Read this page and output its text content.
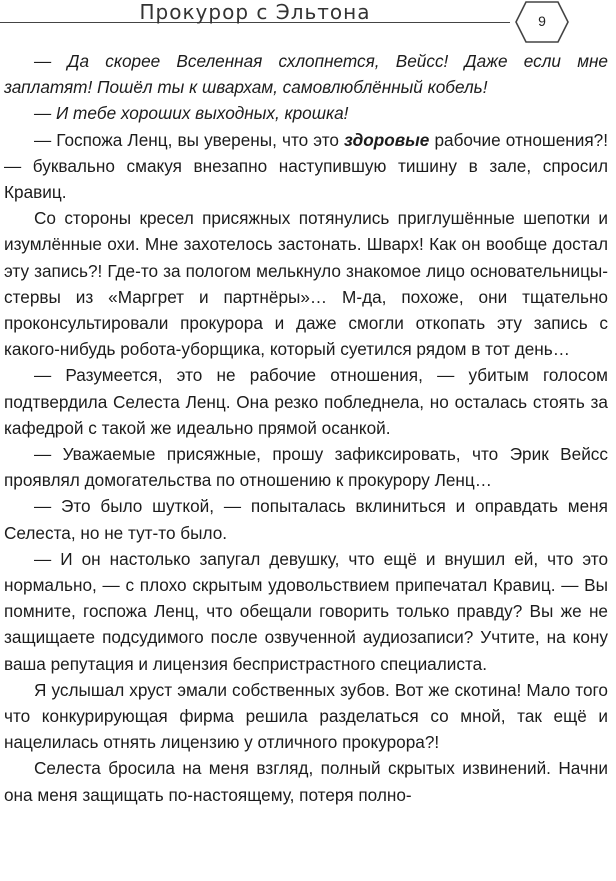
Прокурор с Эльтона	9

— Да скорее Вселенная схлопнется, Вейсс! Даже если мне заплатят! Пошёл ты к швархам, самовлюблённый кобель!

— И тебе хороших выходных, крошка!

— Госпожа Ленц, вы уверены, что это здоровые рабочие отношения?! — буквально смакуя внезапно наступившую тишину в зале, спросил Кравиц.

Со стороны кресел присяжных потянулись приглушённые шепотки и изумлённые охи. Мне захотелось застонать. Шварх! Как он вообще достал эту запись?! Где-то за пологом мелькнуло знакомое лицо основательницы-стервы из «Маргрет и партнёры»… М-да, похоже, они тщательно проконсультировали прокурора и даже смогли откопать эту запись с какого-нибудь робота-уборщика, который суетился рядом в тот день…

— Разумеется, это не рабочие отношения, — убитым голосом подтвердила Селеста Ленц. Она резко побледнела, но осталась стоять за кафедрой с такой же идеально прямой осанкой.

— Уважаемые присяжные, прошу зафиксировать, что Эрик Вейсс проявлял домогательства по отношению к прокурору Ленц…

— Это было шуткой, — попыталась вклиниться и оправдать меня Селеста, но не тут-то было.

— И он настолько запугал девушку, что ещё и внушил ей, что это нормально, — с плохо скрытым удовольствием припечатал Кравиц. — Вы помните, госпожа Ленц, что обещали говорить только правду? Вы же не защищаете подсудимого после озвученной аудиозаписи? Учтите, на кону ваша репутация и лицензия беспристрастного специалиста.

Я услышал хруст эмали собственных зубов. Вот же скотина! Мало того что конкурирующая фирма решила разделаться со мной, так ещё и нацелилась отнять лицензию у отличного прокурора?!

Селеста бросила на меня взгляд, полный скрытых извинений. Начни она меня защищать по-настоящему, потеря полно-
